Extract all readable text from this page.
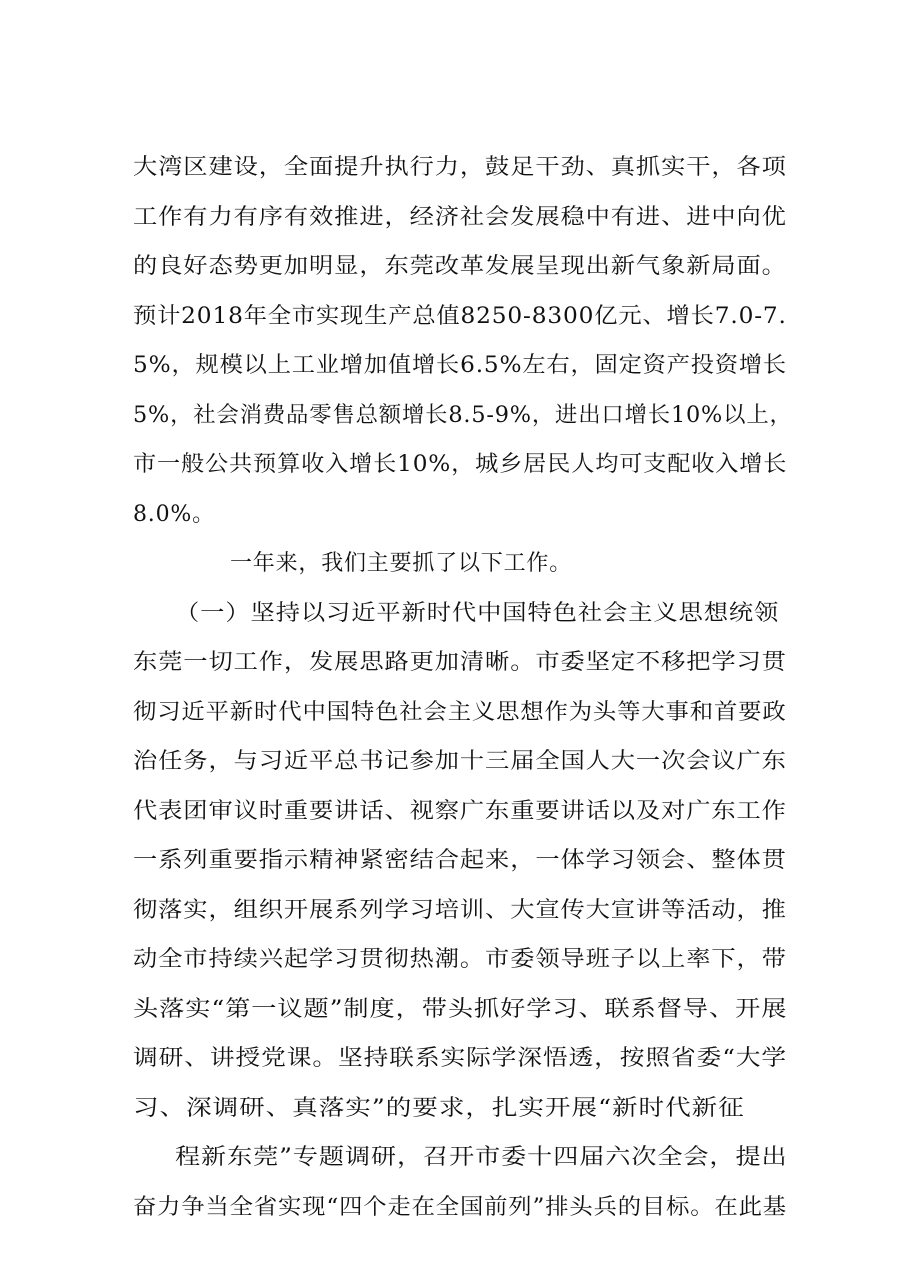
大湾区建设，全面提升执行力，鼓足干劲、真抓实干，各项
工作有力有序有效推进，经济社会发展稳中有进、进中向优
的良好态势更加明显，东莞改革发展呈现出新气象新局面。
预计2018年全市实现生产总值8250-8300亿元、增长7.0-7.
5%，规模以上工业增加值增长6.5%左右，固定资产投资增长
5%，社会消费品零售总额增长8.5-9%，进出口增长10%以上，
市一般公共预算收入增长10%，城乡居民人均可支配收入增长
8.0%。
一年来，我们主要抓了以下工作。
（一）坚持以习近平新时代中国特色社会主义思想统领
东莞一切工作，发展思路更加清晰。市委坚定不移把学习贯
彻习近平新时代中国特色社会主义思想作为头等大事和首要政
治任务，与习近平总书记参加十三届全国人大一次会议广东
代表团审议时重要讲话、视察广东重要讲话以及对广东工作
一系列重要指示精神紧密结合起来，一体学习领会、整体贯
彻落实，组织开展系列学习培训、大宣传大宣讲等活动，推
动全市持续兴起学习贯彻热潮。市委领导班子以上率下，带
头落实“第一议题”制度，带头抓好学习、联系督导、开展
调研、讲授党课。坚持联系实际学深悟透，按照省委“大学
习、深调研、真落实”的要求，扎实开展“新时代新征
程新东莞”专题调研，召开市委十四届六次全会，提出
奋力争当全省实现“四个走在全国前列”排头兵的目标。在此基
